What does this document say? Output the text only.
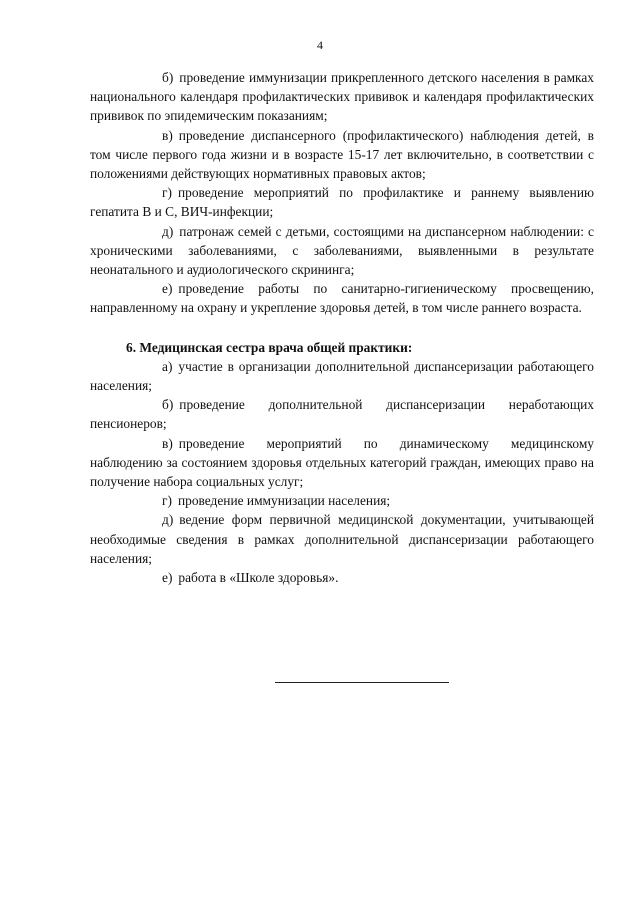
4

б) проведение иммунизации прикрепленного детского населения в рамках национального календаря профилактических прививок и календаря профилактических прививок по эпидемическим показаниям;

в) проведение диспансерного (профилактического) наблюдения детей, в том числе первого года жизни и в возрасте 15-17 лет включительно, в соответствии с положениями действующих нормативных правовых актов;

г) проведение мероприятий по профилактике и раннему выявлению гепатита В и С, ВИЧ-инфекции;

д) патронаж семей с детьми, состоящими на диспансерном наблюдении: с хроническими заболеваниями, с заболеваниями, выявленными в результате неонатального и аудиологического скрининга;

е) проведение работы по санитарно-гигиеническому просвещению, направленному на охрану и укрепление здоровья детей, в том числе раннего возраста.

6. Медицинская сестра врача общей практики:

а) участие в организации дополнительной диспансеризации работающего населения;

б) проведение дополнительной диспансеризации неработающих пенсионеров;

в) проведение мероприятий по динамическому медицинскому наблюдению за состоянием здоровья отдельных категорий граждан, имеющих право на получение набора социальных услуг;

г) проведение иммунизации населения;

д) ведение форм первичной медицинской документации, учитывающей необходимые сведения в рамках дополнительной диспансеризации работающего населения;

е) работа в «Школе здоровья».
